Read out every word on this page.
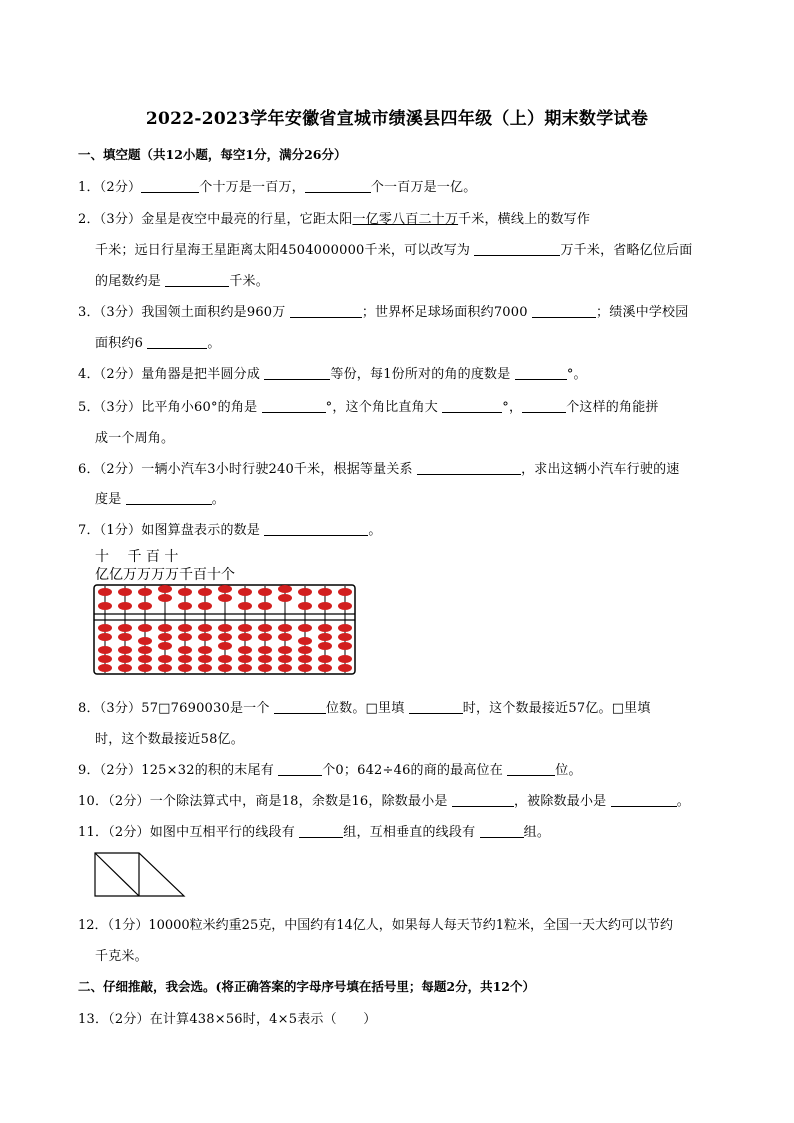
2022-2023学年安徽省宣城市绩溪县四年级（上）期末数学试卷
一、填空题（共12小题，每空1分，满分26分）
1．（2分）	个十万是一百万，	个一百万是一亿。
2．（3分）金星是夜空中最亮的行星，它距太阳一亿零八百二十万千米，横线上的数写作
千米；远日行星海王星距离太阳4504000000千米，可以改写为	万千米，省略亿位后面
的尾数约是	千米。
3．（3分）我国领土面积约是960万	；世界杯足球场面积约7000	；绩溪中学校园
面积约6	。
4．（2分）量角器是把半圆分成	等份，每1份所对的角的度数是	°。
5．（3分）比平角小60°的角是	°，这个角比直角大	°，	个这样的角能拼
成一个周角。
6．（2分）一辆小汽车3小时行驶240千米，根据等量关系	，求出这辆小汽车行驶的速
度是	。
7．（1分）如图算盘表示的数是	。
十　 千 百 十
亿亿万万万万千百十个
8．（3分）57□7690030是一个	位数。□里填	时，这个数最接近57亿。□里填
时，这个数最接近58亿。
9．（2分）125×32的积的末尾有	个0；642÷46的商的最高位在	位。
10．（2分）一个除法算式中，商是18，余数是16，除数最小是	，被除数最小是	。
11．（2分）如图中互相平行的线段有	组，互相垂直的线段有	组。
12．（1分）10000粒米约重25克，中国约有14亿人，如果每人每天节约1粒米，全国一天大约可以节约
千克米。
二、仔细推敲，我会选。(将正确答案的字母序号填在括号里；每题2分，共12个）
13．（2分）在计算438×56时，4×5表示（　　）
